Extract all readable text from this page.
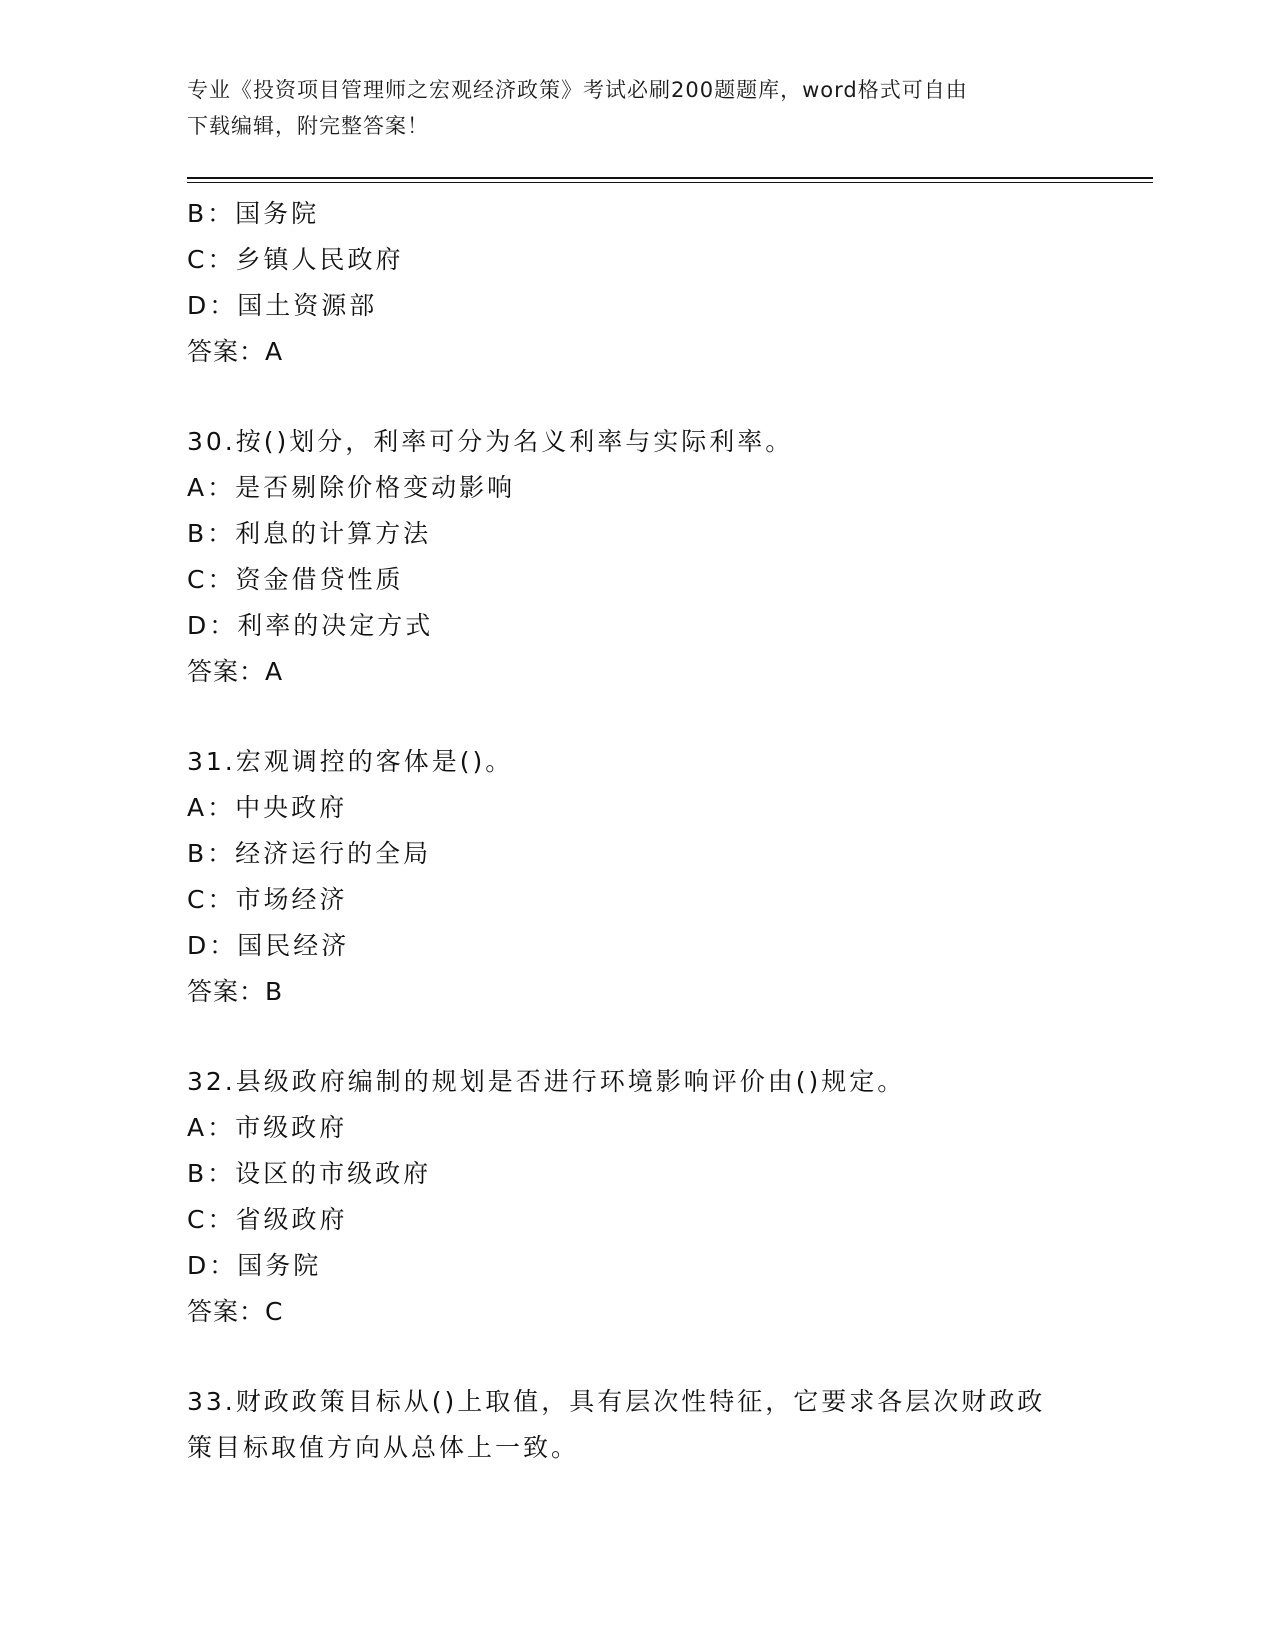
专业《投资项目管理师之宏观经济政策》考试必刷200题题库，word格式可自由
下载编辑，附完整答案！
B：国务院
C：乡镇人民政府
D：国土资源部
答案：A
30.按()划分，利率可分为名义利率与实际利率。
A：是否剔除价格变动影响
B：利息的计算方法
C：资金借贷性质
D：利率的决定方式
答案：A
31.宏观调控的客体是()。
A：中央政府
B：经济运行的全局
C：市场经济
D：国民经济
答案：B
32.县级政府编制的规划是否进行环境影响评价由()规定。
A：市级政府
B：设区的市级政府
C：省级政府
D：国务院
答案：C
33.财政政策目标从()上取值，具有层次性特征，它要求各层次财政政
策目标取值方向从总体上一致。
